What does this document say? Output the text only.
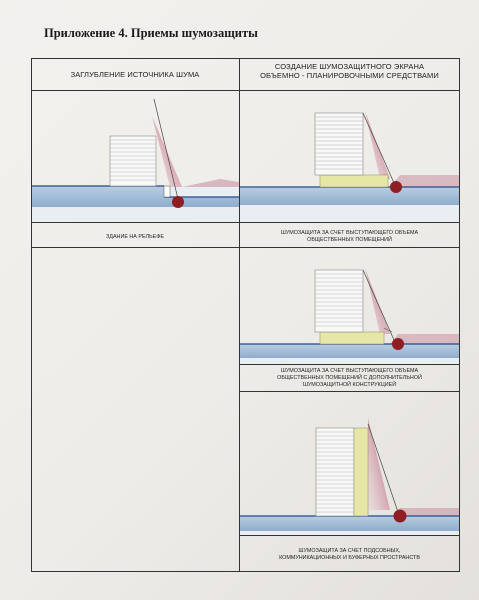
Приложение 4. Приемы шумозащиты
ЗАГЛУБЛЕНИЕ ИСТОЧНИКА ШУМА
СОЗДАНИЕ ШУМОЗАЩИТНОГО ЭКРАНА
ОБЪЕМНО - ПЛАНИРОВОЧНЫМИ СРЕДСТВАМИ
ЗДАНИЕ НА РЕЛЬЕФЕ
ШУМОЗАЩИТА ЗА СЧЕТ ВЫСТУПАЮЩЕГО ОБЪЕМА
ОБЩЕСТВЕННЫХ ПОМЕЩЕНИЙ
ШУМОЗАЩИТА ЗА СЧЕТ ВЫСТУПАЮЩЕГО ОБЪЕМА
ОБЩЕСТВЕННЫХ ПОМЕЩЕНИЙ С ДОПОЛНИТЕЛЬНОЙ
ШУМОЗАЩИТНОЙ КОНСТРУКЦИЕЙ
ШУМОЗАЩИТА ЗА СЧЕТ ПОДСОБНЫХ,
КОММУНИКАЦИОННЫХ И БУФЕРНЫХ ПРОСТРАНСТВ
